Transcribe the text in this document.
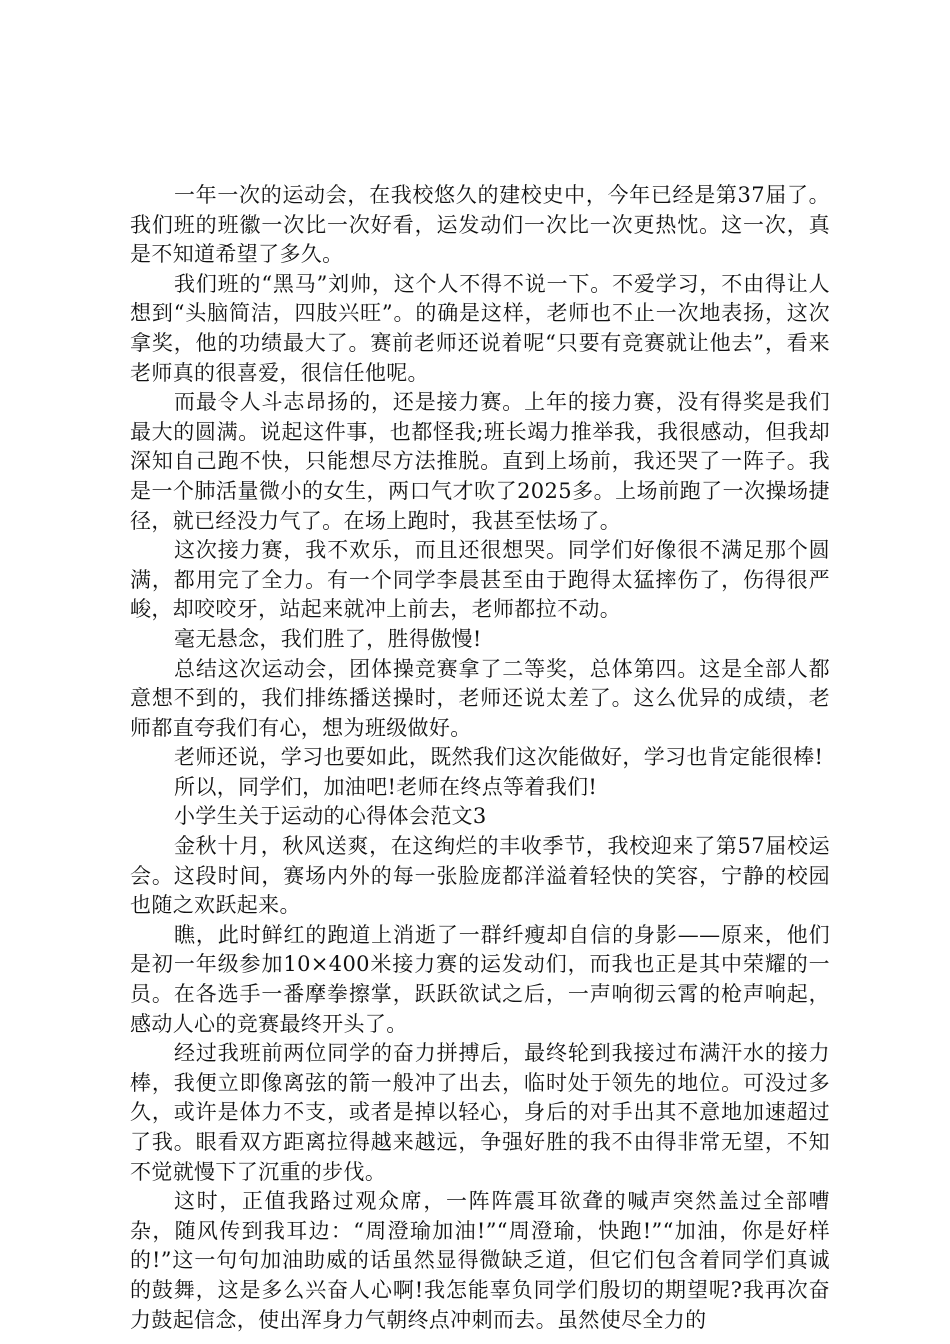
一年一次的运动会，在我校悠久的建校史中，今年已经是第37届了。我们班的班徽一次比一次好看，运发动们一次比一次更热忱。这一次，真是不知道希望了多久。

我们班的“黑马”刘帅，这个人不得不说一下。不爱学习，不由得让人想到“头脑简洁，四肢兴旺”。的确是这样，老师也不止一次地表扬，这次拿奖，他的功绩最大了。赛前老师还说着呢“只要有竞赛就让他去”，看来老师真的很喜爱，很信任他呢。

而最令人斗志昂扬的，还是接力赛。上年的接力赛，没有得奖是我们最大的圆满。说起这件事，也都怪我;班长竭力推举我，我很感动，但我却深知自己跑不快，只能想尽方法推脱。直到上场前，我还哭了一阵子。我是一个肺活量微小的女生，两口气才吹了2025多。上场前跑了一次操场捷径，就已经没力气了。在场上跑时，我甚至怯场了。

这次接力赛，我不欢乐，而且还很想哭。同学们好像很不满足那个圆满，都用完了全力。有一个同学李晨甚至由于跑得太猛摔伤了，伤得很严峻，却咬咬牙，站起来就冲上前去，老师都拉不动。

毫无悬念，我们胜了，胜得傲慢!

总结这次运动会，团体操竞赛拿了二等奖，总体第四。这是全部人都意想不到的，我们排练播送操时，老师还说太差了。这么优异的成绩，老师都直夸我们有心，想为班级做好。

老师还说，学习也要如此，既然我们这次能做好，学习也肯定能很棒!

所以，同学们，加油吧!老师在终点等着我们!

小学生关于运动的心得体会范文3

金秋十月，秋风送爽，在这绚烂的丰收季节，我校迎来了第57届校运会。这段时间，赛场内外的每一张脸庞都洋溢着轻快的笑容，宁静的校园也随之欢跃起来。

瞧，此时鲜红的跑道上消逝了一群纤瘦却自信的身影——原来，他们是初一年级参加10×400米接力赛的运发动们，而我也正是其中荣耀的一员。在各选手一番摩拳擦掌，跃跃欲试之后，一声响彻云霄的枪声响起，感动人心的竞赛最终开头了。

经过我班前两位同学的奋力拼搏后，最终轮到我接过布满汗水的接力棒，我便立即像离弦的箭一般冲了出去，临时处于领先的地位。可没过多久，或许是体力不支，或者是掉以轻心，身后的对手出其不意地加速超过了我。眼看双方距离拉得越来越远，争强好胜的我不由得非常无望，不知不觉就慢下了沉重的步伐。

这时，正值我路过观众席，一阵阵震耳欲聋的喊声突然盖过全部嘈杂，随风传到我耳边：“周澄瑜加油!”“周澄瑜，快跑!”“加油，你是好样的!”这一句句加油助威的话虽然显得微缺乏道，但它们包含着同学们真诚的鼓舞，这是多么兴奋人心啊!我怎能辜负同学们殷切的期望呢?我再次奋力鼓起信念，使出浑身力气朝终点冲刺而去。虽然使尽全力的
